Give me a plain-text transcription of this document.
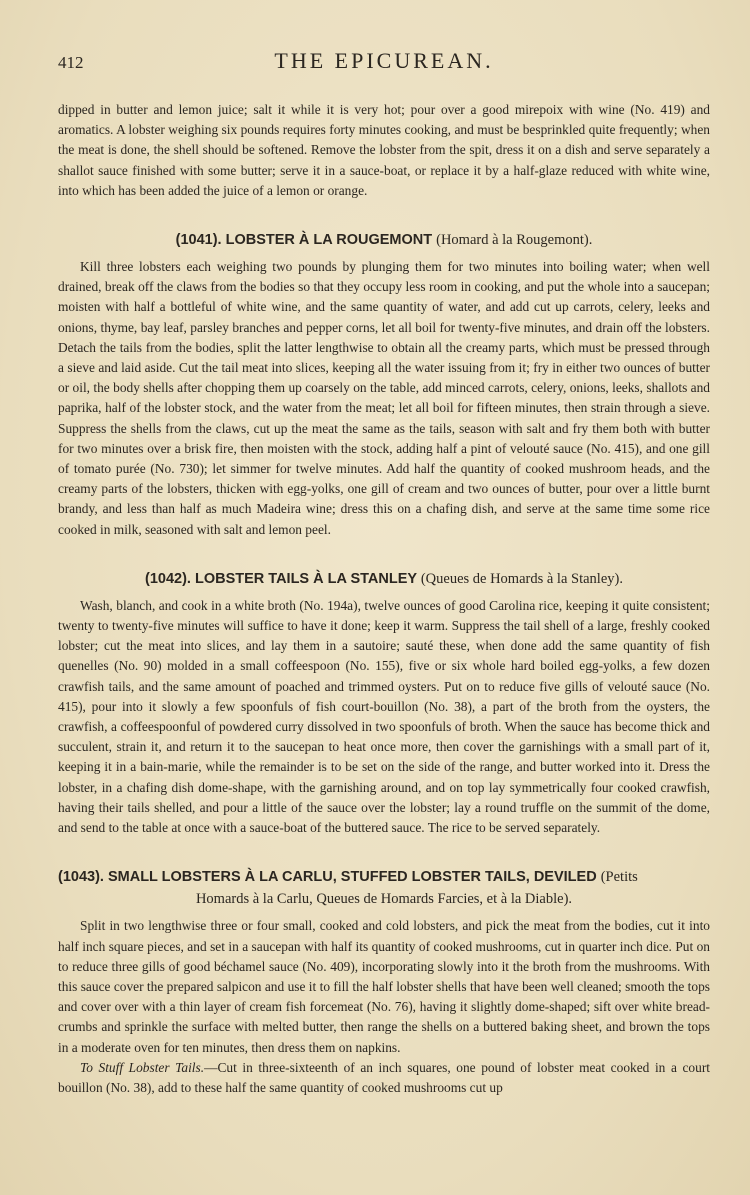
412	THE EPICUREAN.

dipped in butter and lemon juice; salt it while it is very hot; pour over a good mirepoix with wine (No. 419) and aromatics. A lobster weighing six pounds requires forty minutes cooking, and must be besprinkled quite frequently; when the meat is done, the shell should be softened. Remove the lobster from the spit, dress it on a dish and serve separately a shallot sauce finished with some butter; serve it in a sauce-boat, or replace it by a half-glaze reduced with white wine, into which has been added the juice of a lemon or orange.

(1041). LOBSTER À LA ROUGEMONT (Homard à la Rougemont).

Kill three lobsters each weighing two pounds by plunging them for two minutes into boiling water; when well drained, break off the claws from the bodies so that they occupy less room in cooking, and put the whole into a saucepan; moisten with half a bottleful of white wine, and the same quantity of water, and add cut up carrots, celery, leeks and onions, thyme, bay leaf, parsley branches and pepper corns, let all boil for twenty-five minutes, and drain off the lobsters. Detach the tails from the bodies, split the latter lengthwise to obtain all the creamy parts, which must be pressed through a sieve and laid aside. Cut the tail meat into slices, keeping all the water issuing from it; fry in either two ounces of butter or oil, the body shells after chopping them up coarsely on the table, add minced carrots, celery, onions, leeks, shallots and paprika, half of the lobster stock, and the water from the meat; let all boil for fifteen minutes, then strain through a sieve. Suppress the shells from the claws, cut up the meat the same as the tails, season with salt and fry them both with butter for two minutes over a brisk fire, then moisten with the stock, adding half a pint of velouté sauce (No. 415), and one gill of tomato purée (No. 730); let simmer for twelve minutes. Add half the quantity of cooked mushroom heads, and the creamy parts of the lobsters, thicken with egg-yolks, one gill of cream and two ounces of butter, pour over a little burnt brandy, and less than half as much Madeira wine; dress this on a chafing dish, and serve at the same time some rice cooked in milk, seasoned with salt and lemon peel.

(1042). LOBSTER TAILS À LA STANLEY (Queues de Homards à la Stanley).

Wash, blanch, and cook in a white broth (No. 194a), twelve ounces of good Carolina rice, keeping it quite consistent; twenty to twenty-five minutes will suffice to have it done; keep it warm. Suppress the tail shell of a large, freshly cooked lobster; cut the meat into slices, and lay them in a sautoire; sauté these, when done add the same quantity of fish quenelles (No. 90) molded in a small coffeespoon (No. 155), five or six whole hard boiled egg-yolks, a few dozen crawfish tails, and the same amount of poached and trimmed oysters. Put on to reduce five gills of velouté sauce (No. 415), pour into it slowly a few spoonfuls of fish court-bouillon (No. 38), a part of the broth from the oysters, the crawfish, a coffeespoonful of powdered curry dissolved in two spoonfuls of broth. When the sauce has become thick and succulent, strain it, and return it to the saucepan to heat once more, then cover the garnishings with a small part of it, keeping it in a bain-marie, while the remainder is to be set on the side of the range, and butter worked into it. Dress the lobster, in a chafing dish dome-shape, with the garnishing around, and on top lay symmetrically four cooked crawfish, having their tails shelled, and pour a little of the sauce over the lobster; lay a round truffle on the summit of the dome, and send to the table at once with a sauce-boat of the buttered sauce. The rice to be served separately.

(1043). SMALL LOBSTERS À LA CARLU, STUFFED LOBSTER TAILS, DEVILED (Petits
Homards à la Carlu, Queues de Homards Farcies, et à la Diable).

Split in two lengthwise three or four small, cooked and cold lobsters, and pick the meat from the bodies, cut it into half inch square pieces, and set in a saucepan with half its quantity of cooked mushrooms, cut in quarter inch dice. Put on to reduce three gills of good béchamel sauce (No. 409), incorporating slowly into it the broth from the mushrooms. With this sauce cover the prepared salpicon and use it to fill the half lobster shells that have been well cleaned; smooth the tops and cover over with a thin layer of cream fish forcemeat (No. 76), having it slightly dome-shaped; sift over white bread-crumbs and sprinkle the surface with melted butter, then range the shells on a buttered baking sheet, and brown the tops in a moderate oven for ten minutes, then dress them on napkins.

To Stuff Lobster Tails.—Cut in three-sixteenth of an inch squares, one pound of lobster meat cooked in a court bouillon (No. 38), add to these half the same quantity of cooked mushrooms cut up
